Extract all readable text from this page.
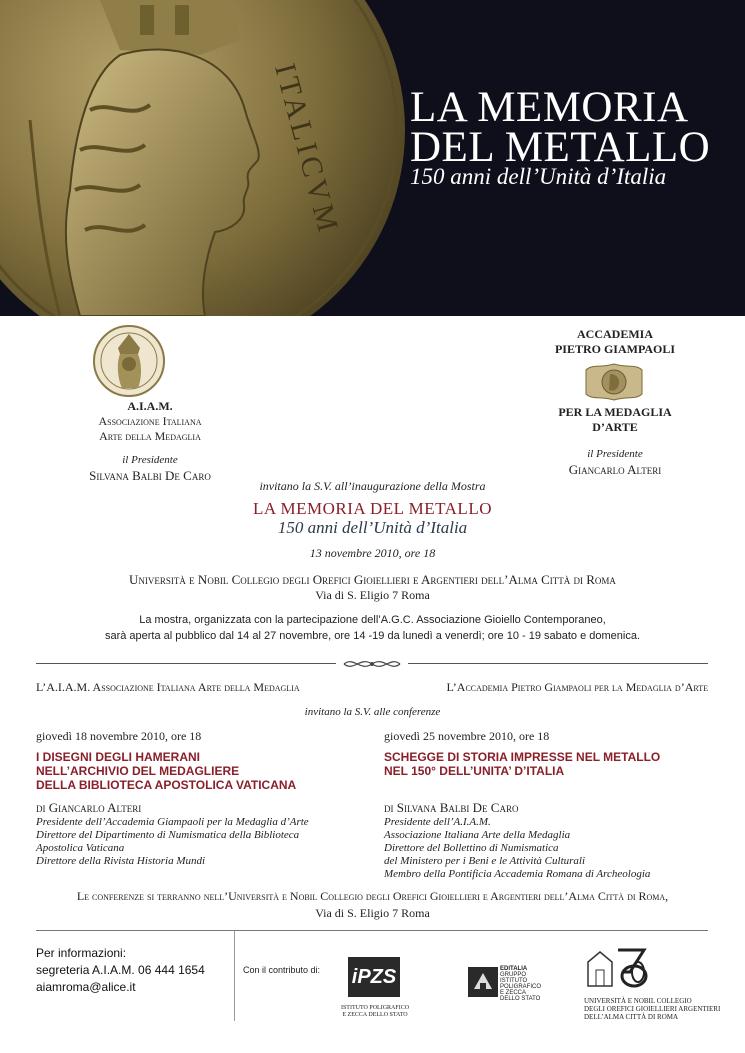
ITALICVM LA MEMORIA
DEL METALLO
150 anni dell’Unità d’Italia
A.I.A.M.
Associazione Italiana
Arte della Medaglia
il Presidente
Silvana Balbi De Caro
ACCADEMIA
PIETRO GIAMPAOLI
PER LA MEDAGLIA
D’ARTE
il Presidente
Giancarlo Alteri
invitano la S.V. all’inaugurazione della Mostra
LA MEMORIA DEL METALLO
150 anni dell’Unità d’Italia
13 novembre 2010, ore 18
Università e Nobil Collegio degli Orefici Gioiellieri e Argentieri dell’Alma Città di Roma
Via di S. Eligio 7 Roma
La mostra, organizzata con la partecipazione dell’A.G.C. Associazione Gioiello Contemporaneo,
sarà aperta al pubblico dal 14 al 27 novembre, ore 14 -19 da lunedì a venerdì; ore 10 - 19 sabato e domenica.
L’A.I.A.M. Associazione Italiana Arte della Medaglia	L’Accademia Pietro Giampaoli per la Medaglia d’Arte
invitano la S.V. alle conferenze
giovedì 18 novembre 2010, ore 18
I DISEGNI DEGLI HAMERANI
NELL’ARCHIVIO DEL MEDAGLIERE
DELLA BIBLIOTECA APOSTOLICA VATICANA
di Giancarlo Alteri
Presidente dell’Accademia Giampaoli per la Medaglia d’Arte
Direttore del Dipartimento di Numismatica della Biblioteca
Apostolica Vaticana
Direttore della Rivista Historia Mundi
giovedì 25 novembre 2010, ore 18
SCHEGGE DI STORIA IMPRESSE NEL METALLO
NEL 150° DELL’UNITA’ D’ITALIA
di Silvana Balbi De Caro
Presidente dell’A.I.A.M.
Associazione Italiana Arte della Medaglia
Direttore del Bollettino di Numismatica
del Ministero per i Beni e le Attività Culturali
Membro della Pontificia Accademia Romana di Archeologia
Le conferenze si terranno nell’Università e Nobil Collegio degli Orefici Gioiellieri e Argentieri dell’Alma Città di Roma,
Via di S. Eligio 7 Roma
Per informazioni:
segreteria A.I.A.M. 06 444 1654
aiamroma@alice.it
Con il contributo di: iPZS
ISTITUTO POLIGRAFICO
E ZECCA DELLO STATO
EDITALIA
GRUPPO
ISTITUTO
POLIGRAFICO
E ZECCA
DELLO STATO	UNIVERSITÀ E NOBIL COLLEGIO
DEGLI OREFICI GIOIELLIERI ARGENTIERI
DELL’ALMA CITTÀ DI ROMA
